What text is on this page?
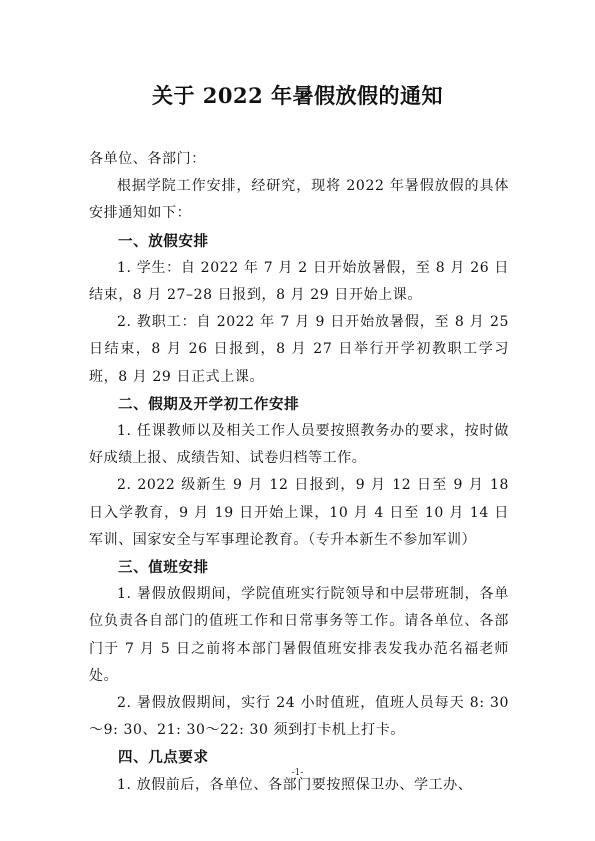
关于 2022 年暑假放假的通知

各单位、各部门：

根据学院工作安排，经研究，现将 2022 年暑假放假的具体安排通知如下：

一、放假安排

1. 学生：自 2022 年 7 月 2 日开始放暑假，至 8 月 26 日结束，8 月 27–28 日报到，8 月 29 日开始上课。

2. 教职工：自 2022 年 7 月 9 日开始放暑假，至 8 月 25 日结束，8 月 26 日报到，8 月 27 日举行开学初教职工学习班，8 月 29 日正式上课。

二、假期及开学初工作安排

1. 任课教师以及相关工作人员要按照教务办的要求，按时做好成绩上报、成绩告知、试卷归档等工作。

2. 2022 级新生 9 月 12 日报到，9 月 12 日至 9 月 18 日入学教育，9 月 19 日开始上课，10 月 4 日至 10 月 14 日军训、国家安全与军事理论教育。（专升本新生不参加军训）

三、值班安排

1. 暑假放假期间，学院值班实行院领导和中层带班制，各单位负责各自部门的值班工作和日常事务等工作。请各单位、各部门于 7 月 5 日之前将本部门暑假值班安排表发我办范名福老师处。

2. 暑假放假期间，实行 24 小时值班，值班人员每天 8: 30～9: 30、21: 30～22: 30 须到打卡机上打卡。

四、几点要求

1. 放假前后，各单位、各部门要按照保卫办、学工办、

-1-
